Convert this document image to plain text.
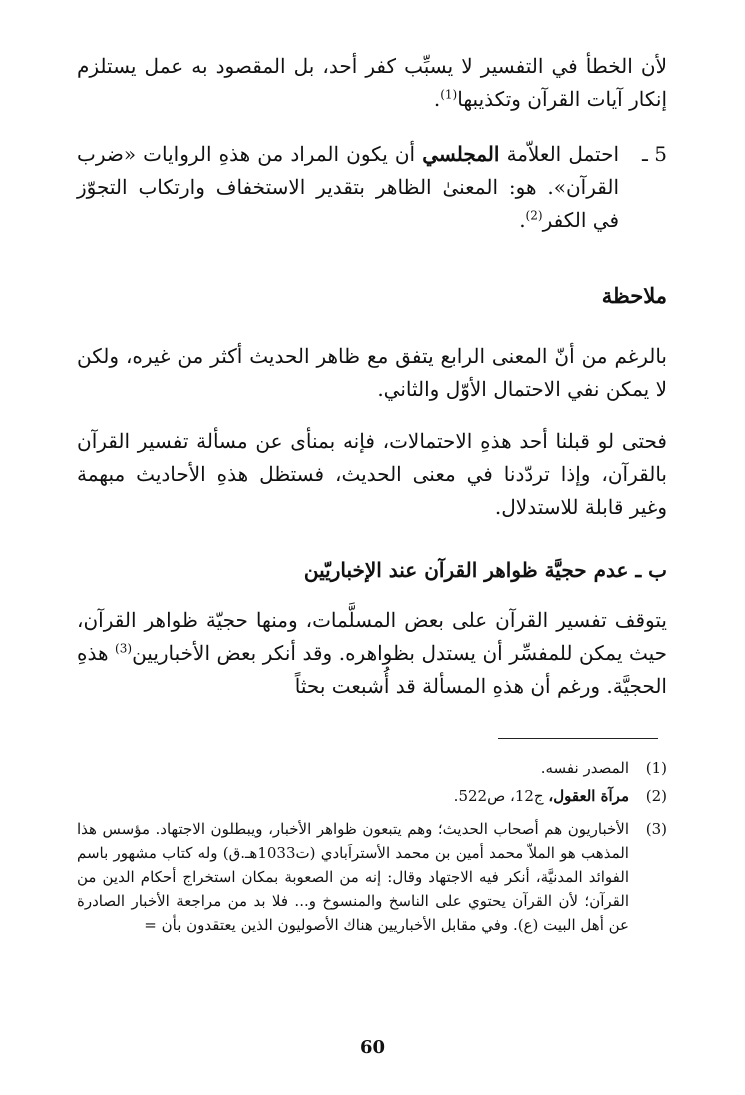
لأن الخطأ في التفسير لا يسبِّب كفر أحد، بل المقصود به عمل يستلزم إنكار آيات القرآن وتكذيبها$^{(1)}$.

5 ـ
احتمل العلاّمة المجلسي أن يكون المراد من هذهِ الروايات «ضرب القرآن». هو: المعنىٰ الظاهر بتقدير الاستخفاف وارتكاب التجوّز في الكفر$^{(2)}$.
ملاحظة

بالرغم من أنّ المعنى الرابع يتفق مع ظاهر الحديث أكثر من غيره، ولكن لا يمكن نفي الاحتمال الأوّل والثاني.

فحتى لو قبلنا أحد هذهِ الاحتمالات، فإنه بمنأى عن مسألة تفسير القرآن بالقرآن، وإذا تردّدنا في معنى الحديث، فستظل هذهِ الأحاديث مبهمة وغير قابلة للاستدلال.

ب ـ عدم حجيَّة ظواهر القرآن عند الإخباريّين

يتوقف تفسير القرآن على بعض المسلَّمات، ومنها حجيّة ظواهر القرآن، حيث يمكن للمفسِّر أن يستدل بظواهره. وقد أنكر بعض الأخباريين$^{(3)}$ هذهِ الحجيَّة. ورغم أن هذهِ المسألة قد أُشبعت بحثاً

(1)
المصدر نفسه.
(2)
مرآة العقول، ج12، ص522.
(3)
الأخباريون هم أصحاب الحديث؛ وهم يتبعون ظواهر الأخبار، ويبطلون الاجتهاد. مؤسس هذا المذهب هو الملاّ محمد أمين بن محمد الأستراَبادي (ت1033هـ.ق) وله كتاب مشهور باسم الفوائد المدنيَّة، أنكر فيه الاجتهاد وقال: إنه من الصعوبة بمكان استخراج أحكام الدين من القرآن؛ لأن القرآن يحتوي على الناسخ والمنسوخ و... فلا بد من مراجعة الأخبار الصادرة عن أهل البيت (ع). وفي مقابل الأخباريين هناك الأصوليون الذين يعتقدون بأن =
60
